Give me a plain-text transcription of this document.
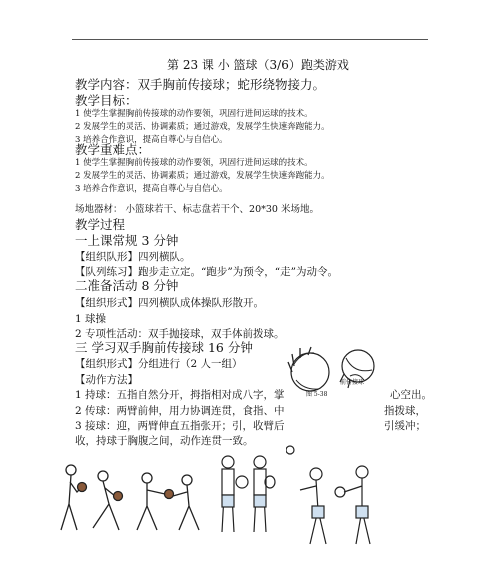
第 23 课 小 篮球（3/6）跑类游戏
教学内容：双手胸前传接球；蛇形绕物接力。
教学目标：
1 使学生掌握胸前传接球的动作要领，巩固行进间运球的技术。
2 发展学生的灵活、协调素质；通过游戏，发展学生快速奔跑能力。
3 培养合作意识，提高自尊心与自信心。
教学重难点：
1 使学生掌握胸前传接球的动作要领，巩固行进间运球的技术。
2 发展学生的灵活、协调素质；通过游戏，发展学生快速奔跑能力。
3 培养合作意识，提高自尊心与自信心。
场地器材： 小篮球若干、标志盘若干个、20*30 米场地。
教学过程
一上课常规 3 分钟
【组织队形】四列横队。
【队列练习】跑步走立定。“跑步”为预令，“走”为动令。
二准备活动 8 分钟
【组织形式】四列横队成体操队形散开。
1 球操
2 专项性活动：双手抛接球，双手体前拨球。
三 学习双手胸前传接球 16 分钟
【组织形式】分组进行（2 人一组）
【动作方法】
1 持球：五指自然分开，拇指相对成八字，掌	心空出。
2 传球：两臂前伸，用力协调连贯，食指、中	指拨球，
3 接球：迎，两臂伸直五指张开；引，收臂后	引缓冲；
收，持球于胸腹之间，动作连贯一致。
前传接球
图 5-38
